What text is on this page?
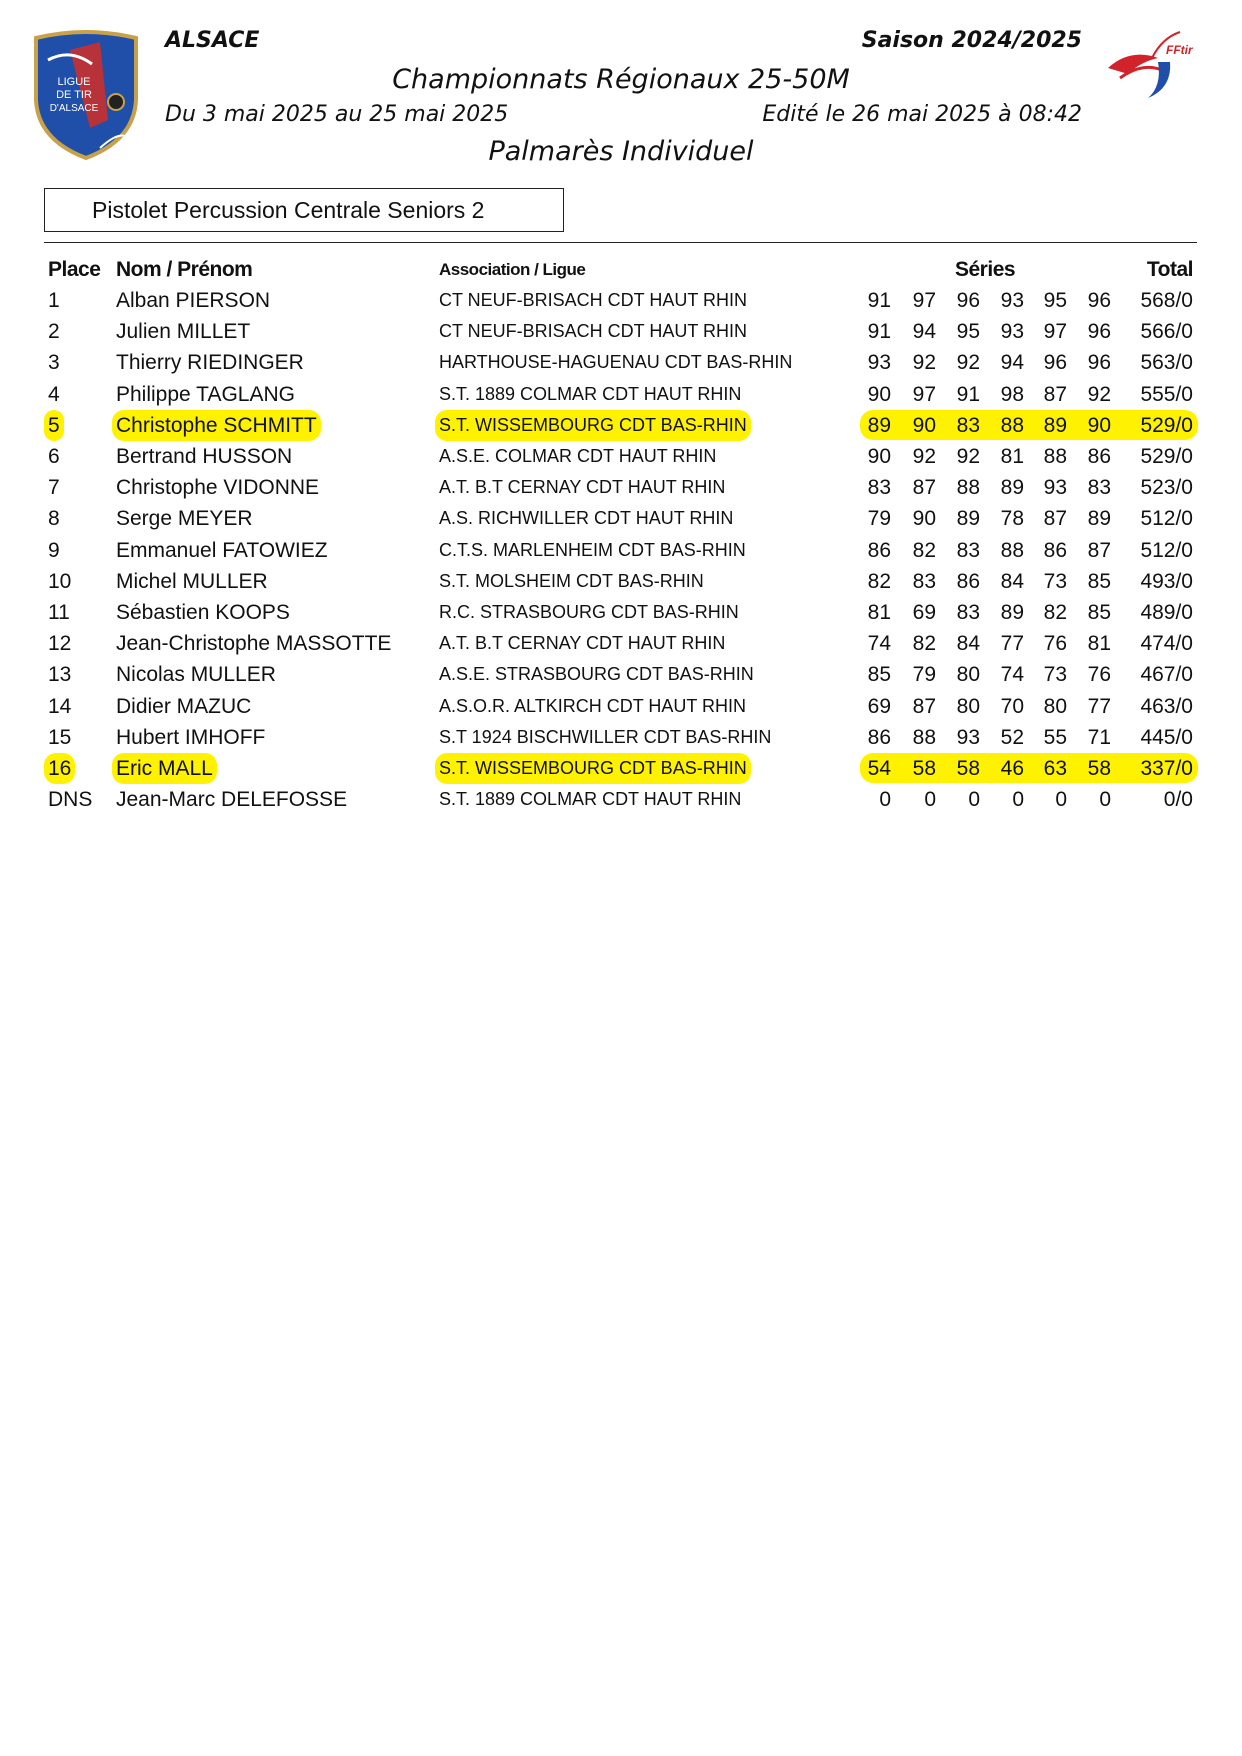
LIGUE
DE TIR
D'ALSACE
FFtir
ALSACE	Saison 2024/2025
Championnats Régionaux 25-50M
Du 3 mai 2025 au 25 mai 2025	Edité le 26 mai 2025 à 08:42
Palmarès Individuel
Pistolet Percussion Centrale Seniors 2
Place Nom / Prénom	Association / Ligue	Séries	Total
1	Alban PIERSON	CT NEUF-BRISACH CDT HAUT RHIN	91	97 96 93 95 96	568/0
2	Julien MILLET	CT NEUF-BRISACH CDT HAUT RHIN	91	94 95 93 97 96	566/0
3	Thierry RIEDINGER	HARTHOUSE-HAGUENAU CDT BAS-RHIN	93	92 92 94 96 96	563/0
4	Philippe TAGLANG	S.T. 1889 COLMAR CDT HAUT RHIN	90	97 91 98 87 92	555/0
5	Christophe SCHMITT	S.T. WISSEMBOURG CDT BAS-RHIN	89	90 83 88 89 90	529/0
6	Bertrand HUSSON	A.S.E. COLMAR CDT HAUT RHIN	90	92 92 81 88 86	529/0
7	Christophe VIDONNE	A.T. B.T CERNAY CDT HAUT RHIN	83	87 88 89 93 83	523/0
8	Serge MEYER	A.S. RICHWILLER CDT HAUT RHIN	79	90 89 78 87 89	512/0
9	Emmanuel FATOWIEZ	C.T.S. MARLENHEIM CDT BAS-RHIN	86	82 83 88 86 87	512/0
10 Michel MULLER	S.T. MOLSHEIM CDT BAS-RHIN	82	83 86 84 73 85	493/0
11 Sébastien KOOPS	R.C. STRASBOURG CDT BAS-RHIN	81	69 83 89 82 85	489/0
12 Jean-Christophe MASSOTTE	A.T. B.T CERNAY CDT HAUT RHIN	74	82 84 77 76 81	474/0
13 Nicolas MULLER	A.S.E. STRASBOURG CDT BAS-RHIN	85	79 80 74 73 76	467/0
14 Didier MAZUC	A.S.O.R. ALTKIRCH CDT HAUT RHIN	69	87 80 70 80 77	463/0
15 Hubert IMHOFF	S.T 1924 BISCHWILLER CDT BAS-RHIN	86	88 93 52 55 71	445/0
16 Eric MALL	S.T. WISSEMBOURG CDT BAS-RHIN	54	58 58 46 63 58	337/0
DNS Jean-Marc DELEFOSSE	S.T. 1889 COLMAR CDT HAUT RHIN	0	0	0	0	0	0	0/0
